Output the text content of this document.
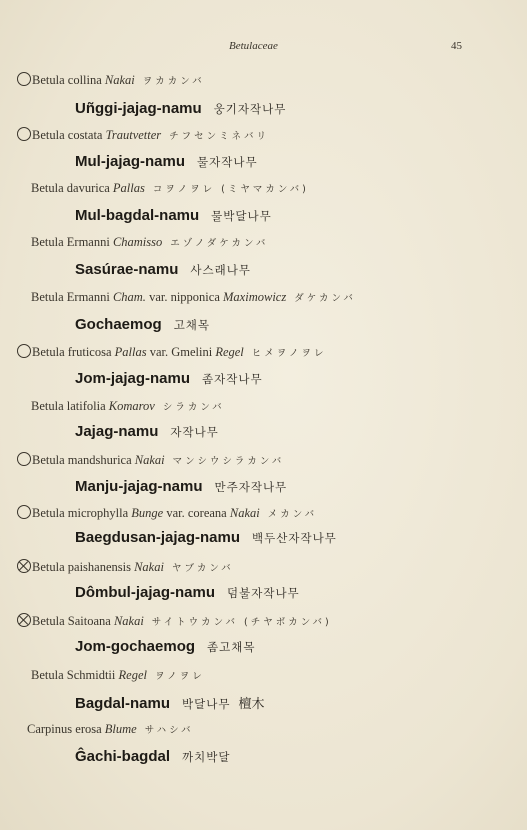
Betulaceae	45
Betula collina Nakai ヲカカンバ
Uñggi-jajag-namu 웅기자작나무
Betula costata Trautvetter チフセンミネバリ
Mul-jajag-namu 물자작나무
Betula davurica Pallas コヲノヲレ (ミヤマカンバ)
Mul-bagdal-namu 물박달나무
Betula Ermanni Chamisso エゾノダケカンバ
Sasúrae-namu 사스래나무
Betula Ermanni Cham. var. nipponica Maximowicz ダケカンバ
Gochaemog 고채목
Betula fruticosa Pallas var. Gmelini Regel ヒメヲノヲレ
Jom-jajag-namu 좀자작나무
Betula latifolia Komarov シラカンバ
Jajag-namu 자작나무
Betula mandshurica Nakai マンシウシラカンバ
Manju-jajag-namu 만주자작나무
Betula microphylla Bunge var. coreana Nakai メカンバ
Baegdusan-jajag-namu 백두산자작나무
Betula paishanensis Nakai ヤブカンバ
Dômbul-jajag-namu 덤불자작나무
Betula Saitoana Nakai サイトウカンバ (チヤボカンバ)
Jom-gochaemog 좀고채목
Betula Schmidtii Regel ヲノヲレ
Bagdal-namu 박달나무 檀木
Carpinus erosa Blume サハシバ
Ĝachi-bagdal 까치박달
